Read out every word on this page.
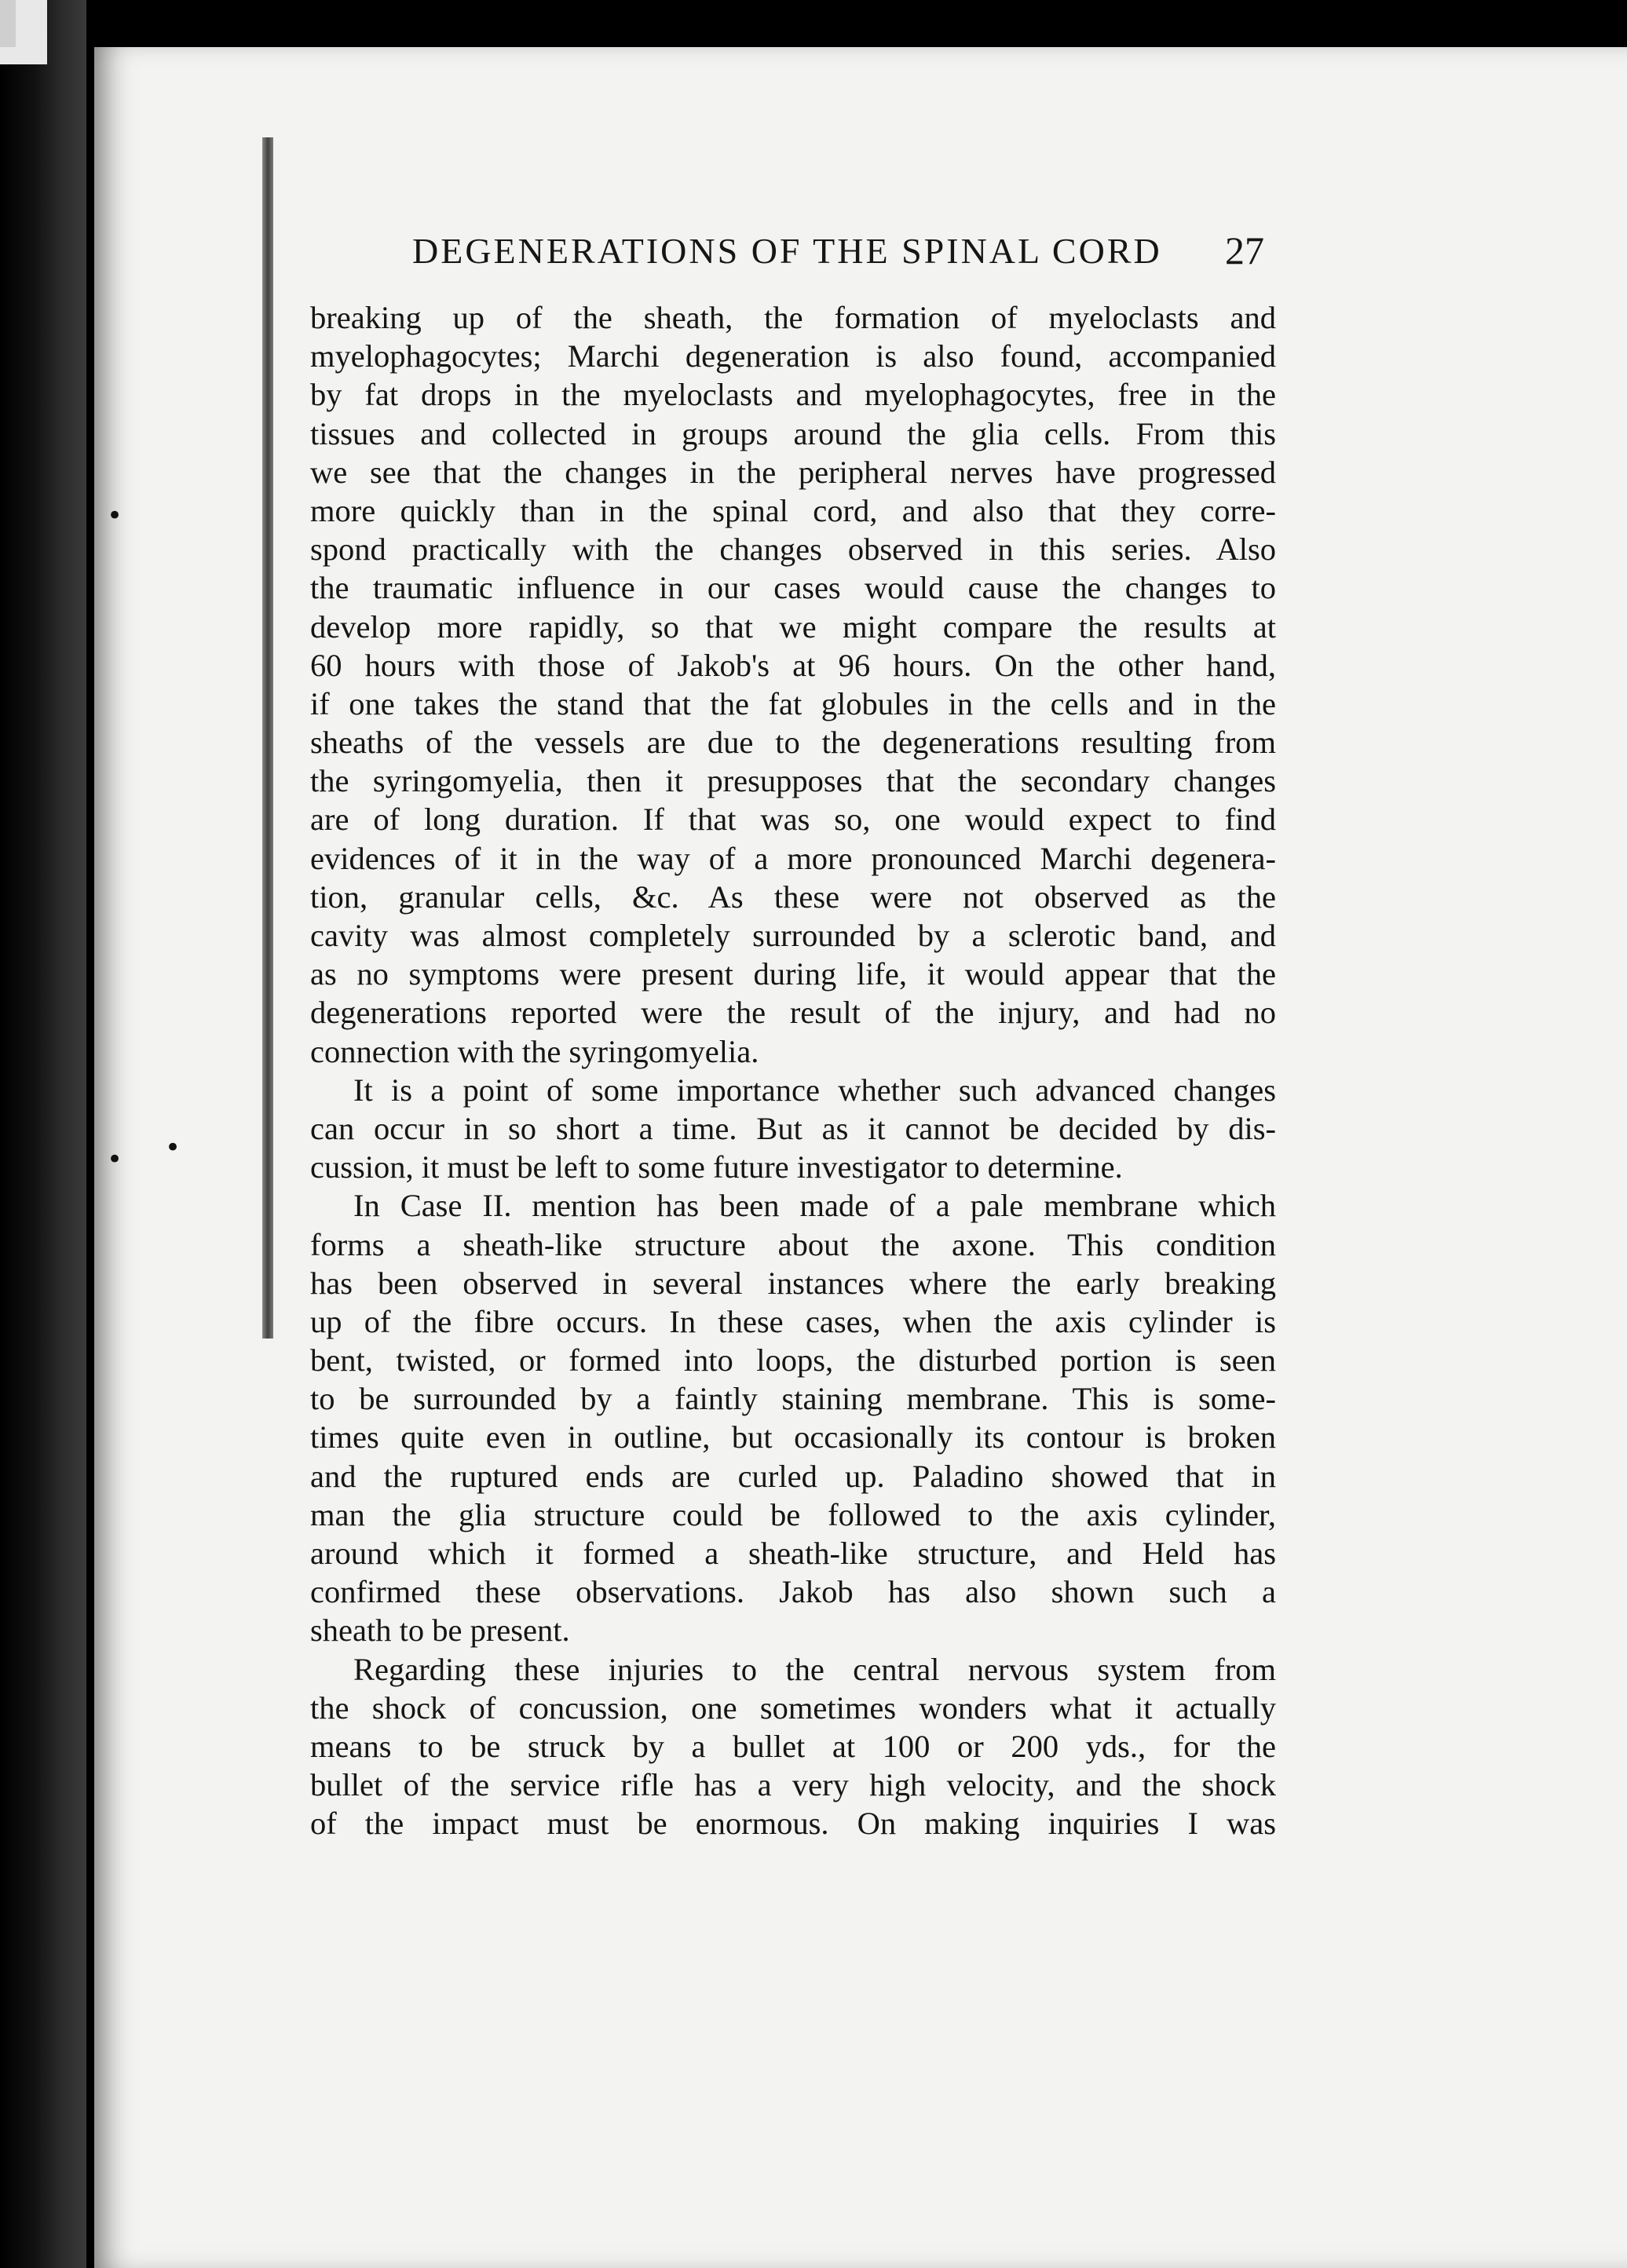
•
• •
DEGENERATIONS OF THE SPINAL CORD	27
breaking up of the sheath, the formation of myeloclasts and
myelophagocytes; Marchi degeneration is also found, accompanied
by fat drops in the myeloclasts and myelophagocytes, free in the
tissues and collected in groups around the glia cells. From this
we see that the changes in the peripheral nerves have progressed
more quickly than in the spinal cord, and also that they corre-
spond practically with the changes observed in this series. Also
the traumatic influence in our cases would cause the changes to
develop more rapidly, so that we might compare the results at
60 hours with those of Jakob's at 96 hours. On the other hand,
if one takes the stand that the fat globules in the cells and in the
sheaths of the vessels are due to the degenerations resulting from
the syringomyelia, then it presupposes that the secondary changes
are of long duration. If that was so, one would expect to find
evidences of it in the way of a more pronounced Marchi degenera-
tion, granular cells, &c. As these were not observed as the
cavity was almost completely surrounded by a sclerotic band, and
as no symptoms were present during life, it would appear that the
degenerations reported were the result of the injury, and had no
connection with the syringomyelia.
It is a point of some importance whether such advanced changes
can occur in so short a time. But as it cannot be decided by dis-
cussion, it must be left to some future investigator to determine.
In Case II. mention has been made of a pale membrane which
forms a sheath-like structure about the axone. This condition
has been observed in several instances where the early breaking
up of the fibre occurs. In these cases, when the axis cylinder is
bent, twisted, or formed into loops, the disturbed portion is seen
to be surrounded by a faintly staining membrane. This is some-
times quite even in outline, but occasionally its contour is broken
and the ruptured ends are curled up. Paladino showed that in
man the glia structure could be followed to the axis cylinder,
around which it formed a sheath-like structure, and Held has
confirmed these observations. Jakob has also shown such a
sheath to be present.
Regarding these injuries to the central nervous system from
the shock of concussion, one sometimes wonders what it actually
means to be struck by a bullet at 100 or 200 yds., for the
bullet of the service rifle has a very high velocity, and the shock
of the impact must be enormous. On making inquiries I was
